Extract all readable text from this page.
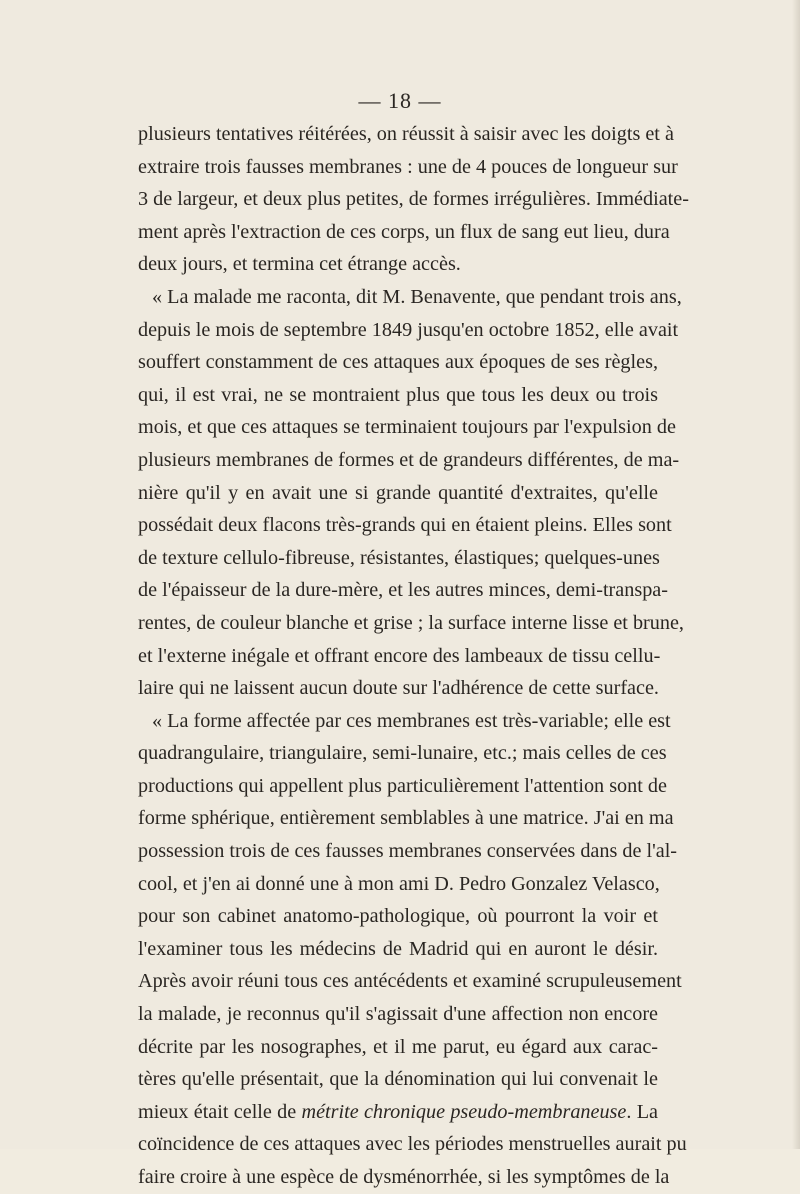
— 18 —
plusieurs tentatives réitérées, on réussit à saisir avec les doigts et à
extraire trois fausses membranes : une de 4 pouces de longueur sur
3 de largeur, et deux plus petites, de formes irrégulières. Immédiate-
ment après l'extraction de ces corps, un flux de sang eut lieu, dura
deux jours, et termina cet étrange accès.
« La malade me raconta, dit M. Benavente, que pendant trois ans,
depuis le mois de septembre 1849 jusqu'en octobre 1852, elle avait
souffert constamment de ces attaques aux époques de ses règles,
qui, il est vrai, ne se montraient plus que tous les deux ou trois
mois, et que ces attaques se terminaient toujours par l'expulsion de
plusieurs membranes de formes et de grandeurs différentes, de ma-
nière qu'il y en avait une si grande quantité d'extraites, qu'elle
possédait deux flacons très-grands qui en étaient pleins. Elles sont
de texture cellulo-fibreuse, résistantes, élastiques; quelques-unes
de l'épaisseur de la dure-mère, et les autres minces, demi-transpa-
rentes, de couleur blanche et grise ; la surface interne lisse et brune,
et l'externe inégale et offrant encore des lambeaux de tissu cellu-
laire qui ne laissent aucun doute sur l'adhérence de cette surface.
« La forme affectée par ces membranes est très-variable; elle est
quadrangulaire, triangulaire, semi-lunaire, etc.; mais celles de ces
productions qui appellent plus particulièrement l'attention sont de
forme sphérique, entièrement semblables à une matrice. J'ai en ma
possession trois de ces fausses membranes conservées dans de l'al-
cool, et j'en ai donné une à mon ami D. Pedro Gonzalez Velasco,
pour son cabinet anatomo-pathologique, où pourront la voir et
l'examiner tous les médecins de Madrid qui en auront le désir.
Après avoir réuni tous ces antécédents et examiné scrupuleusement
la malade, je reconnus qu'il s'agissait d'une affection non encore
décrite par les nosographes, et il me parut, eu égard aux carac-
tères qu'elle présentait, que la dénomination qui lui convenait le
mieux était celle de métrite chronique pseudo-membraneuse. La
coïncidence de ces attaques avec les périodes menstruelles aurait pu
faire croire à une espèce de dysménorrhée, si les symptômes de la
